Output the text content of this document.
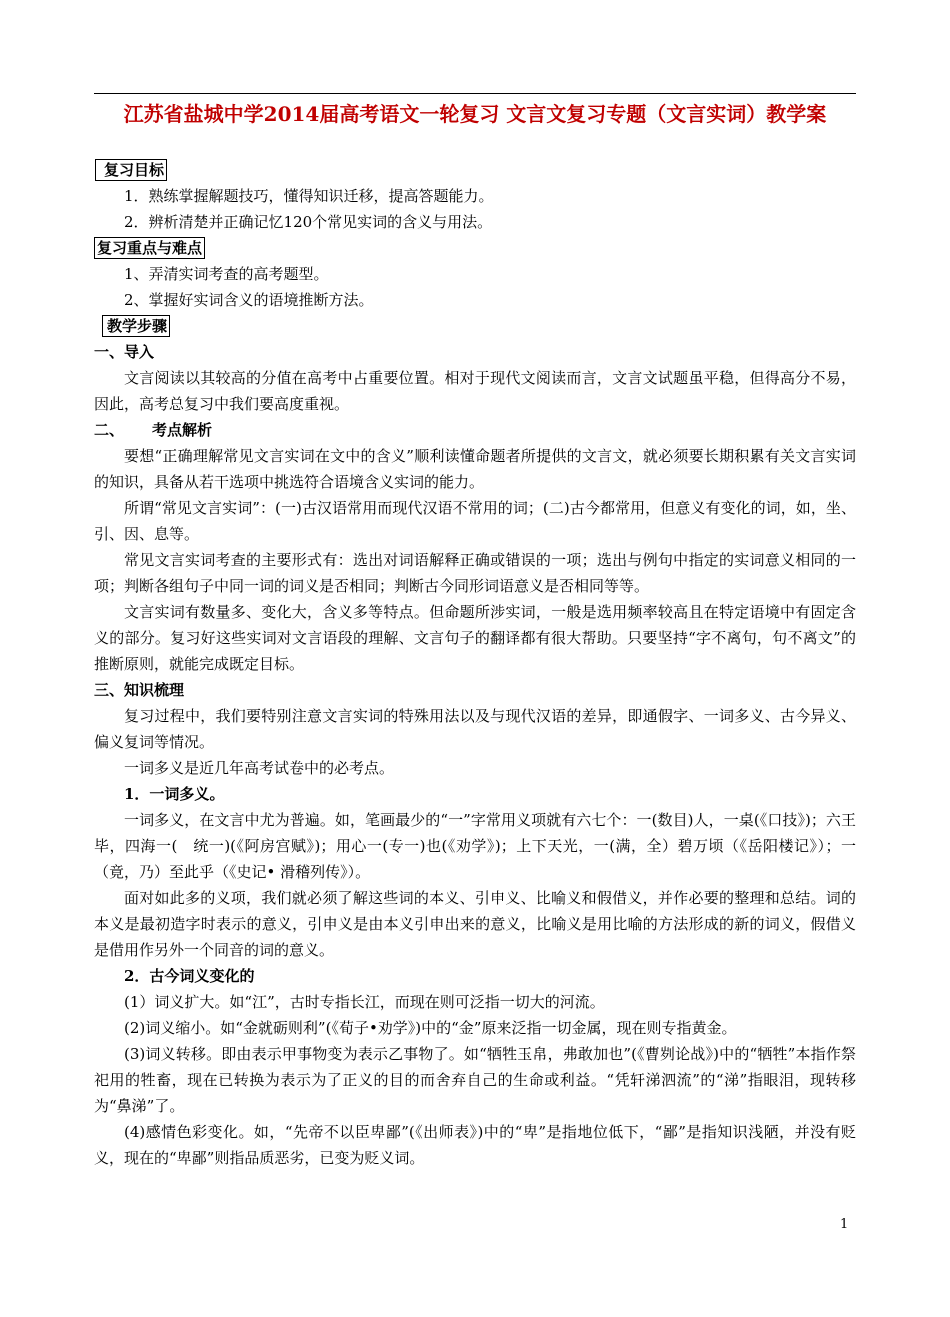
江苏省盐城中学2014届高考语文一轮复习 文言文复习专题（文言实词）教学案
复习目标

1．熟练掌握解题技巧，懂得知识迁移，提高答题能力。

2．辨析清楚并正确记忆120个常见实词的含义与用法。

复习重点与难点

1、弄清实词考查的高考题型。

2、掌握好实词含义的语境推断方法。

教学步骤

一、导入

文言阅读以其较高的分值在高考中占重要位置。相对于现代文阅读而言，文言文试题虽平稳，但得高分不易，因此，高考总复习中我们要高度重视。

二、 考点解析

要想“正确理解常见文言实词在文中的含义”顺利读懂命题者所提供的文言文，就必须要长期积累有关文言实词的知识，具备从若干选项中挑选符合语境含义实词的能力。

所谓“常见文言实词”：(一)古汉语常用而现代汉语不常用的词；(二)古今都常用，但意义有变化的词，如，坐、引、因、息等。

常见文言实词考查的主要形式有：选出对词语解释正确或错误的一项；选出与例句中指定的实词意义相同的一项；判断各组句子中同一词的词义是否相同；判断古今同形词语意义是否相同等等。

文言实词有数量多、变化大，含义多等特点。但命题所涉实词，一般是选用频率较高且在特定语境中有固定含义的部分。复习好这些实词对文言语段的理解、文言句子的翻译都有很大帮助。只要坚持“字不离句，句不离文”的推断原则，就能完成既定目标。

三、知识梳理

复习过程中，我们要特别注意文言实词的特殊用法以及与现代汉语的差异，即通假字、一词多义、古今异义、偏义复词等情况。

一词多义是近几年高考试卷中的必考点。

1．一词多义。

一词多义，在文言中尤为普遍。如，笔画最少的“一”字常用义项就有六七个：一(数目)人，一桌(《口技》)；六王毕，四海一(　统一)(《阿房宫赋》)；用心一(专一)也(《劝学》)；上下天光，一(满，全）碧万顷（《岳阳楼记》）；一（竟，乃）至此乎（《史记• 滑稽列传》）。

面对如此多的义项，我们就必须了解这些词的本义、引申义、比喻义和假借义，并作必要的整理和总结。词的本义是最初造字时表示的意义，引申义是由本义引申出来的意义，比喻义是用比喻的方法形成的新的词义，假借义是借用作另外一个同音的词的意义。

2．古今词义变化的

(1）词义扩大。如“江”，古时专指长江，而现在则可泛指一切大的河流。

(2)词义缩小。如“金就砺则利”(《荀子•劝学》)中的“金”原来泛指一切金属，现在则专指黄金。

(3)词义转移。即由表示甲事物变为表示乙事物了。如“牺牲玉帛，弗敢加也”(《曹刿论战》)中的“牺牲”本指作祭祀用的牲畜，现在已转换为表示为了正义的目的而舍弃自己的生命或利益。“凭轩涕泗流”的“涕”指眼泪，现转移为“鼻涕”了。

(4)感情色彩变化。如，“先帝不以臣卑鄙”(《出师表》)中的“卑”是指地位低下，“鄙”是指知识浅陋，并没有贬义，现在的“卑鄙”则指品质恶劣，已变为贬义词。

1
